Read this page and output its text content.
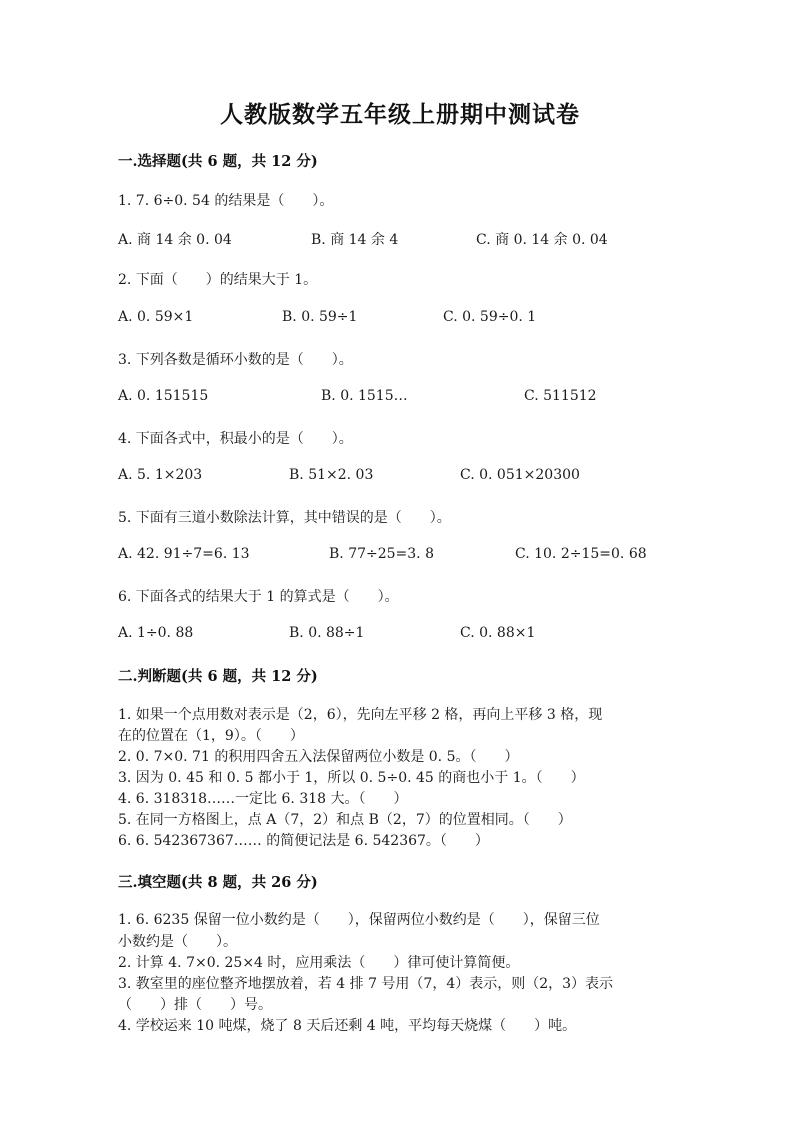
人教版数学五年级上册期中测试卷
一.选择题(共 6 题，共 12 分)
1. 7. 6÷0. 54 的结果是（　　）。
A. 商 14 余 0. 04	B. 商 14 余 4	C. 商 0. 14 余 0. 04
2. 下面（　　）的结果大于 1。
A. 0. 59×1	B. 0. 59÷1	C. 0. 59÷0. 1
3. 下列各数是循环小数的是（　　）。
A. 0. 151515	B. 0. 1515…	C. 511512
4. 下面各式中，积最小的是（　　）。
A. 5. 1×203	B. 51×2. 03	C. 0. 051×20300
5. 下面有三道小数除法计算，其中错误的是（　　）。
A. 42. 91÷7=6. 13	B. 77÷25=3. 8	C. 10. 2÷15=0. 68
6. 下面各式的结果大于 1 的算式是（　　）。
A. 1÷0. 88	B. 0. 88÷1	C. 0. 88×1
二.判断题(共 6 题，共 12 分)
1. 如果一个点用数对表示是（2，6），先向左平移 2 格，再向上平移 3 格，现
在的位置在（1，9）。（　　）
2. 0. 7×0. 71 的积用四舍五入法保留两位小数是 0. 5。（　　）
3. 因为 0. 45 和 0. 5 都小于 1，所以 0. 5÷0. 45 的商也小于 1。（　　）
4. 6. 318318……一定比 6. 318 大。（　　）
5. 在同一方格图上，点 A（7，2）和点 B（2，7）的位置相同。（　　）
6. 6. 542367367…… 的简便记法是 6. 542367。（　　）
三.填空题(共 8 题，共 26 分)
1. 6. 6235 保留一位小数约是（　　），保留两位小数约是（　　），保留三位
小数约是（　　）。
2. 计算 4. 7×0. 25×4 时，应用乘法（　　）律可使计算简便。
3. 教室里的座位整齐地摆放着，若 4 排 7 号用（7，4）表示，则（2，3）表示
（　　）排（　　）号。
4. 学校运来 10 吨煤，烧了 8 天后还剩 4 吨，平均每天烧煤（　　）吨。
